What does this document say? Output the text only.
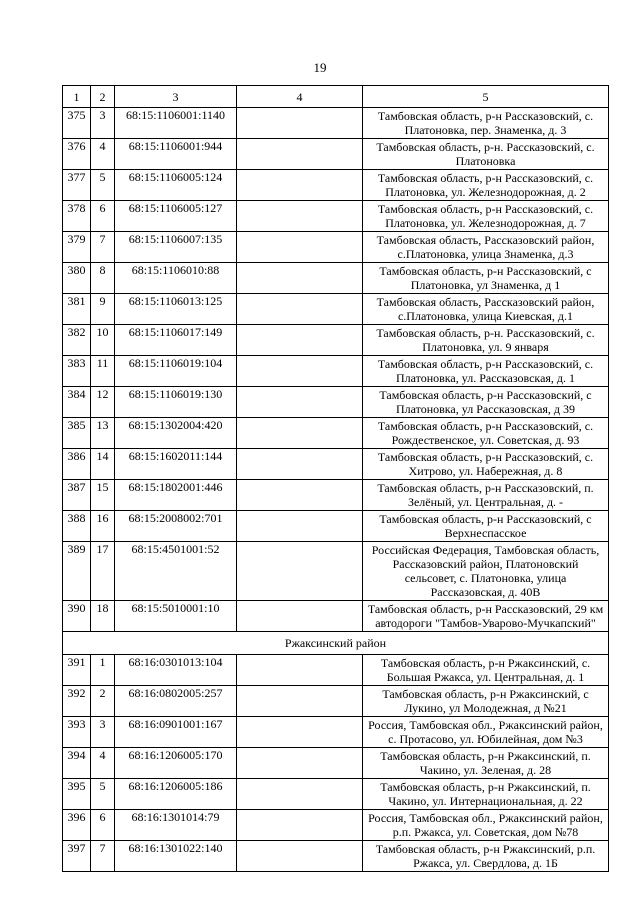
19
1	2	3	4	5
375	3	68:15:1106001:1140		Тамбовская область, р-н Рассказовский, с. Платоновка, пер. Знаменка, д. 3
376	4	68:15:1106001:944		Тамбовская область, р-н. Рассказовский, с. Платоновка
377	5	68:15:1106005:124		Тамбовская область, р-н Рассказовский, с. Платоновка, ул. Железнодорожная, д. 2
378	6	68:15:1106005:127		Тамбовская область, р-н Рассказовский, с. Платоновка, ул. Железнодорожная, д. 7
379	7	68:15:1106007:135		Тамбовская область, Рассказовский район, с.Платоновка, улица Знаменка, д.3
380	8	68:15:1106010:88		Тамбовская область, р-н Рассказовский, с Платоновка, ул Знаменка, д 1
381	9	68:15:1106013:125		Тамбовская область, Рассказовский район, с.Платоновка, улица Киевская, д.1
382	10	68:15:1106017:149		Тамбовская область, р-н. Рассказовский, с. Платоновка, ул. 9 января
383	11	68:15:1106019:104		Тамбовская область, р-н Рассказовский, с. Платоновка, ул. Рассказовская, д. 1
384	12	68:15:1106019:130		Тамбовская область, р-н Рассказовский, с Платоновка, ул Рассказовская, д 39
385	13	68:15:1302004:420		Тамбовская область, р-н Рассказовский, с. Рождественское, ул. Советская, д. 93
386	14	68:15:1602011:144		Тамбовская область, р-н Рассказовский, с. Хитрово, ул. Набережная, д. 8
387	15	68:15:1802001:446		Тамбовская область, р-н Рассказовский, п. Зелёный, ул. Центральная, д. -
388	16	68:15:2008002:701		Тамбовская область, р-н Рассказовский, с Верхнеспасское
389	17	68:15:4501001:52		Российская Федерация, Тамбовская область, Рассказовский район, Платоновский сельсовет, с. Платоновка, улица Рассказовская, д. 40В
390	18	68:15:5010001:10		Тамбовская область, р-н Рассказовский, 29 км автодороги "Тамбов-Уварово-Мучкапский"
Ржаксинский район				
391	1	68:16:0301013:104		Тамбовская область, р-н Ржаксинский, с. Большая Ржакса, ул. Центральная, д. 1
392	2	68:16:0802005:257		Тамбовская область, р-н Ржаксинский, с Лукино, ул Молодежная, д №21
393	3	68:16:0901001:167		Россия, Тамбовская обл., Ржаксинский район, с. Протасово, ул. Юбилейная, дом №3
394	4	68:16:1206005:170		Тамбовская область, р-н Ржаксинский, п. Чакино, ул. Зеленая, д. 28
395	5	68:16:1206005:186		Тамбовская область, р-н Ржаксинский, п. Чакино, ул. Интернациональная, д. 22
396	6	68:16:1301014:79		Россия, Тамбовская обл., Ржаксинский район, р.п. Ржакса, ул. Советская, дом №78
397	7	68:16:1301022:140		Тамбовская область, р-н Ржаксинский, р.п. Ржакса, ул. Свердлова, д. 1Б
